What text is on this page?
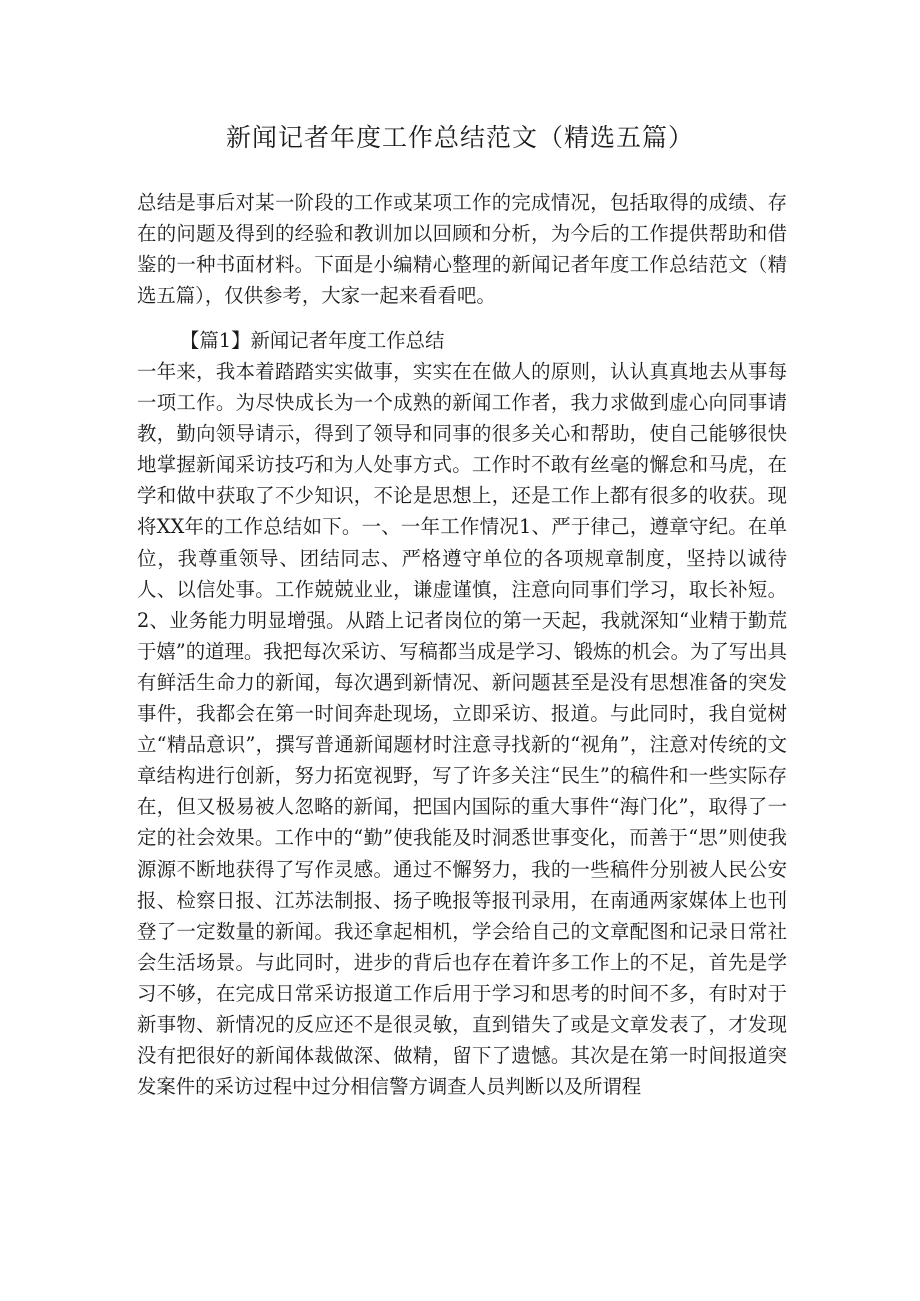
新闻记者年度工作总结范文（精选五篇）

总结是事后对某一阶段的工作或某项工作的完成情况，包括取得的成绩、存在的问题及得到的经验和教训加以回顾和分析，为今后的工作提供帮助和借鉴的一种书面材料。下面是小编精心整理的新闻记者年度工作总结范文（精选五篇），仅供参考，大家一起来看看吧。

【篇1】新闻记者年度工作总结

一年来，我本着踏踏实实做事，实实在在做人的原则，认认真真地去从事每一项工作。为尽快成长为一个成熟的新闻工作者，我力求做到虚心向同事请教，勤向领导请示，得到了领导和同事的很多关心和帮助，使自己能够很快地掌握新闻采访技巧和为人处事方式。工作时不敢有丝毫的懈怠和马虎，在学和做中获取了不少知识，不论是思想上，还是工作上都有很多的收获。现将XX年的工作总结如下。一、一年工作情况1、严于律己，遵章守纪。在单位，我尊重领导、团结同志、严格遵守单位的各项规章制度，坚持以诚待人、以信处事。工作兢兢业业，谦虚谨慎，注意向同事们学习，取长补短。2、业务能力明显增强。从踏上记者岗位的第一天起，我就深知“业精于勤荒于嬉”的道理。我把每次采访、写稿都当成是学习、锻炼的机会。为了写出具有鲜活生命力的新闻，每次遇到新情况、新问题甚至是没有思想准备的突发事件，我都会在第一时间奔赴现场，立即采访、报道。与此同时，我自觉树立“精品意识”，撰写普通新闻题材时注意寻找新的“视角”，注意对传统的文章结构进行创新，努力拓宽视野，写了许多关注“民生”的稿件和一些实际存在，但又极易被人忽略的新闻，把国内国际的重大事件“海门化”，取得了一定的社会效果。工作中的“勤”使我能及时洞悉世事变化，而善于“思”则使我源源不断地获得了写作灵感。通过不懈努力，我的一些稿件分别被人民公安报、检察日报、江苏法制报、扬子晚报等报刊录用，在南通两家媒体上也刊登了一定数量的新闻。我还拿起相机，学会给自己的文章配图和记录日常社会生活场景。与此同时，进步的背后也存在着许多工作上的不足，首先是学习不够，在完成日常采访报道工作后用于学习和思考的时间不多，有时对于新事物、新情况的反应还不是很灵敏，直到错失了或是文章发表了，才发现没有把很好的新闻体裁做深、做精，留下了遗憾。其次是在第一时间报道突发案件的采访过程中过分相信警方调查人员判断以及所谓程
